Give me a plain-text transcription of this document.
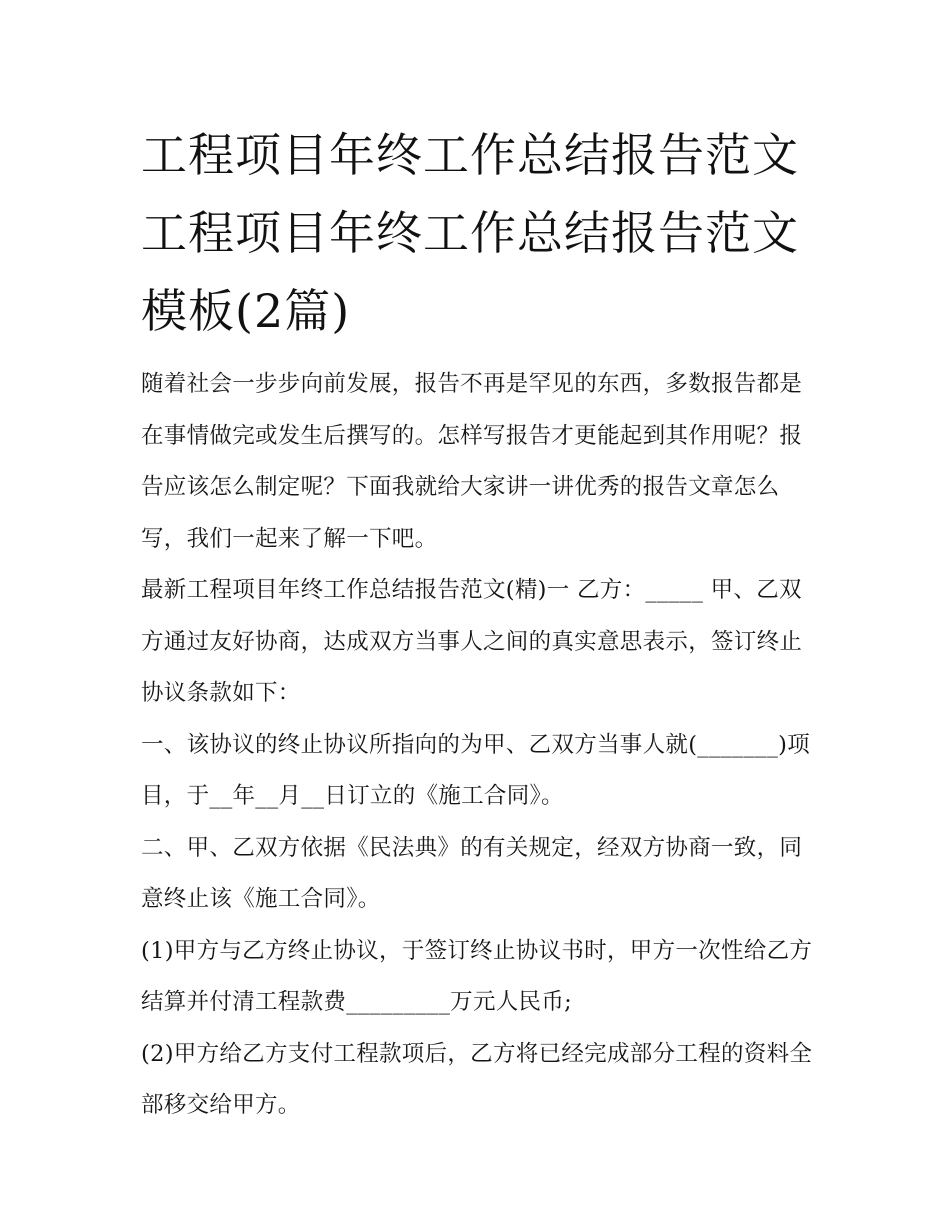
工程项目年终工作总结报告范文 工程项目年终工作总结报告范文模板(2篇)

随着社会一步步向前发展，报告不再是罕见的东西，多数报告都是在事情做完或发生后撰写的。怎样写报告才更能起到其作用呢？报告应该怎么制定呢？下面我就给大家讲一讲优秀的报告文章怎么写，我们一起来了解一下吧。

最新工程项目年终工作总结报告范文(精)一 乙方：_____ 甲、乙双方通过友好协商，达成双方当事人之间的真实意思表示，签订终止协议条款如下：

一、该协议的终止协议所指向的为甲、乙双方当事人就(_______)项目，于__年__月__日订立的《施工合同》。

二、甲、乙双方依据《民法典》的有关规定，经双方协商一致，同意终止该《施工合同》。

(1)甲方与乙方终止协议，于签订终止协议书时，甲方一次性给乙方结算并付清工程款费_________万元人民币;

(2)甲方给乙方支付工程款项后，乙方将已经完成部分工程的资料全部移交给甲方。
